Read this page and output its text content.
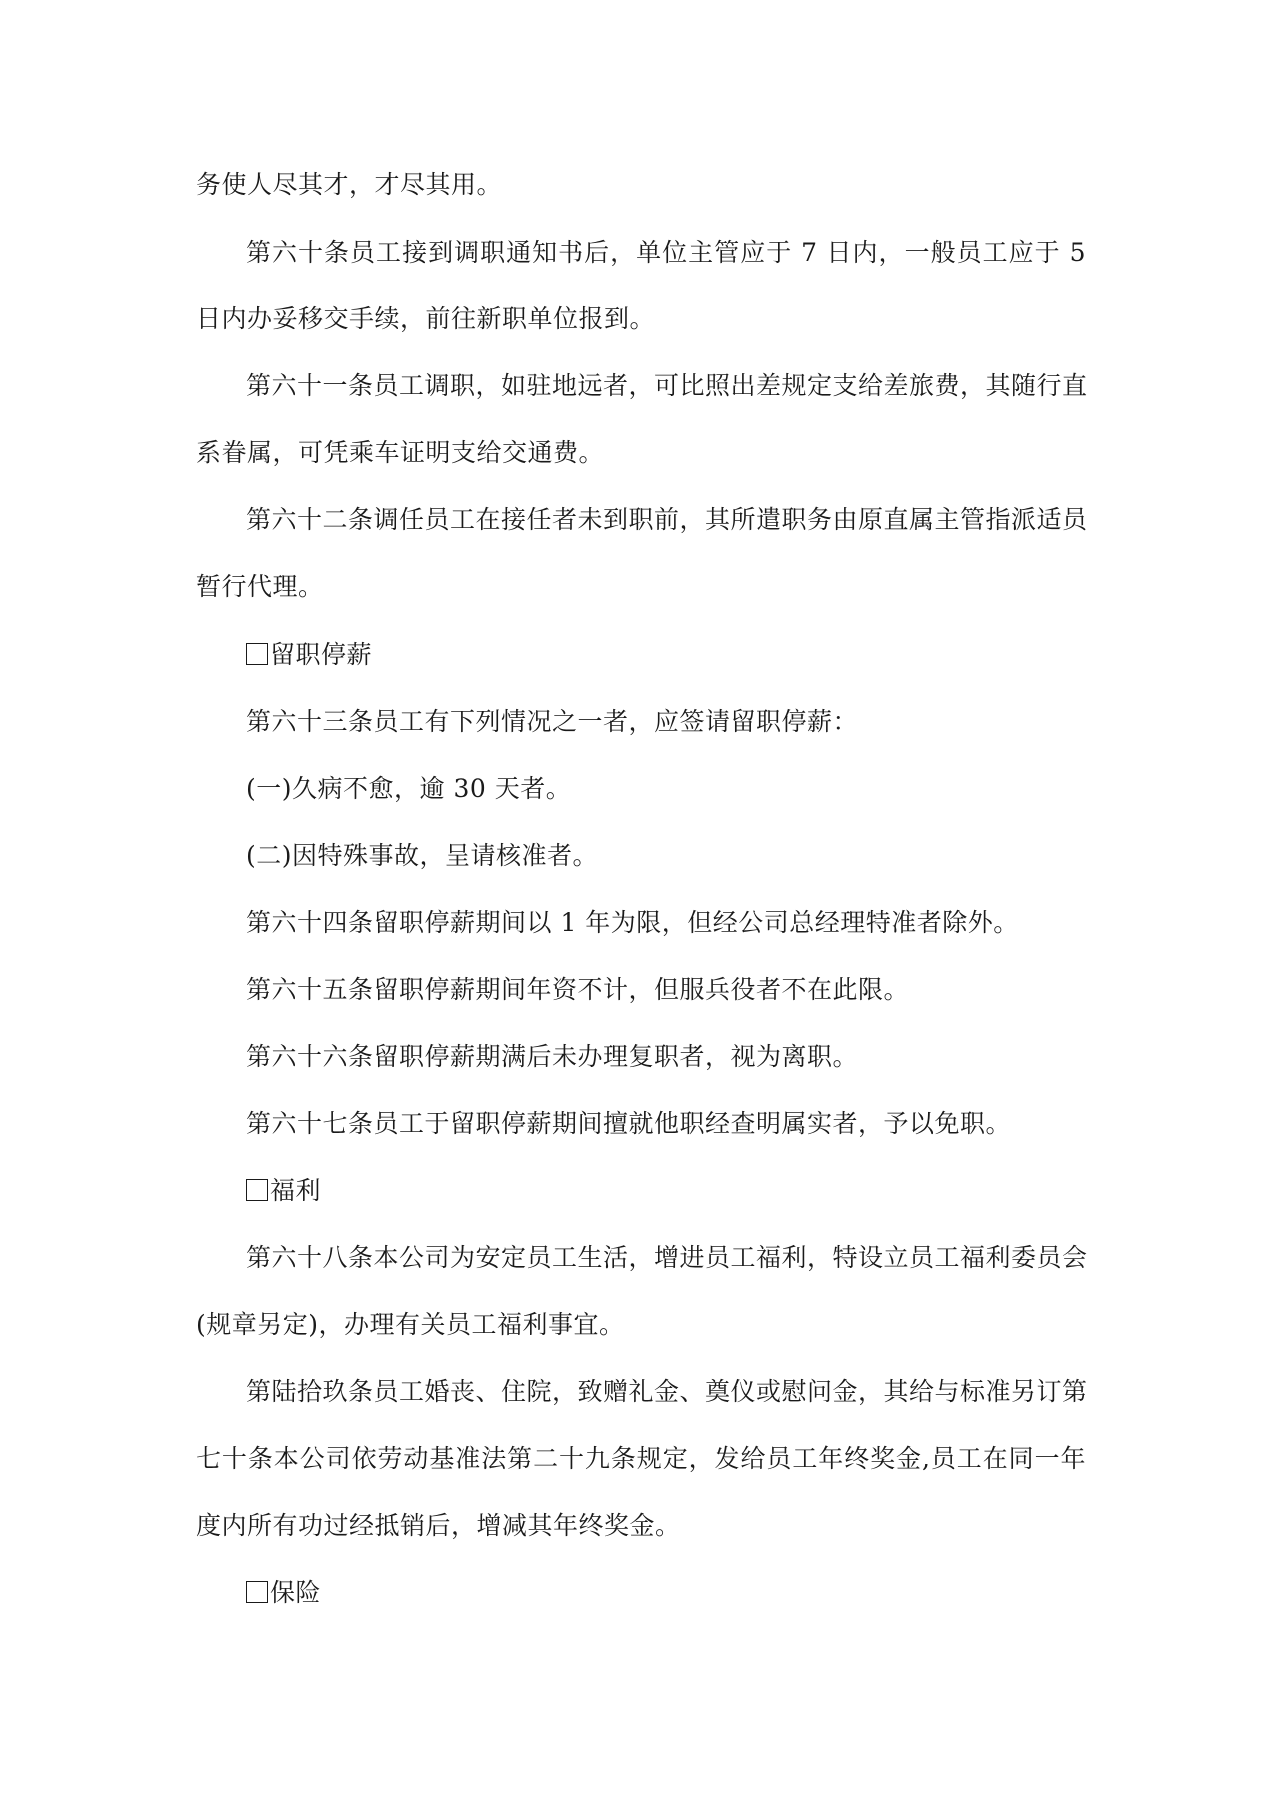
务使人尽其才，才尽其用。
第六十条员工接到调职通知书后，单位主管应于 7 日内，一般员工应于 5
日内办妥移交手续，前往新职单位报到。
第六十一条员工调职，如驻地远者，可比照出差规定支给差旅费，其随行直
系眷属，可凭乘车证明支给交通费。
第六十二条调任员工在接任者未到职前，其所遣职务由原直属主管指派适员
暂行代理。
留职停薪
第六十三条员工有下列情况之一者，应签请留职停薪：
(一)久病不愈，逾 30 天者。
(二)因特殊事故，呈请核准者。
第六十四条留职停薪期间以 1 年为限，但经公司总经理特准者除外。
第六十五条留职停薪期间年资不计，但服兵役者不在此限。
第六十六条留职停薪期满后未办理复职者，视为离职。
第六十七条员工于留职停薪期间擅就他职经查明属实者，予以免职。
福利
第六十八条本公司为安定员工生活，增进员工福利，特设立员工福利委员会
(规章另定)，办理有关员工福利事宜。
第陆拾玖条员工婚丧、住院，致赠礼金、奠仪或慰问金，其给与标准另订第
七十条本公司依劳动基准法第二十九条规定，发给员工年终奖金,员工在同一年
度内所有功过经抵销后，增减其年终奖金。
保险
